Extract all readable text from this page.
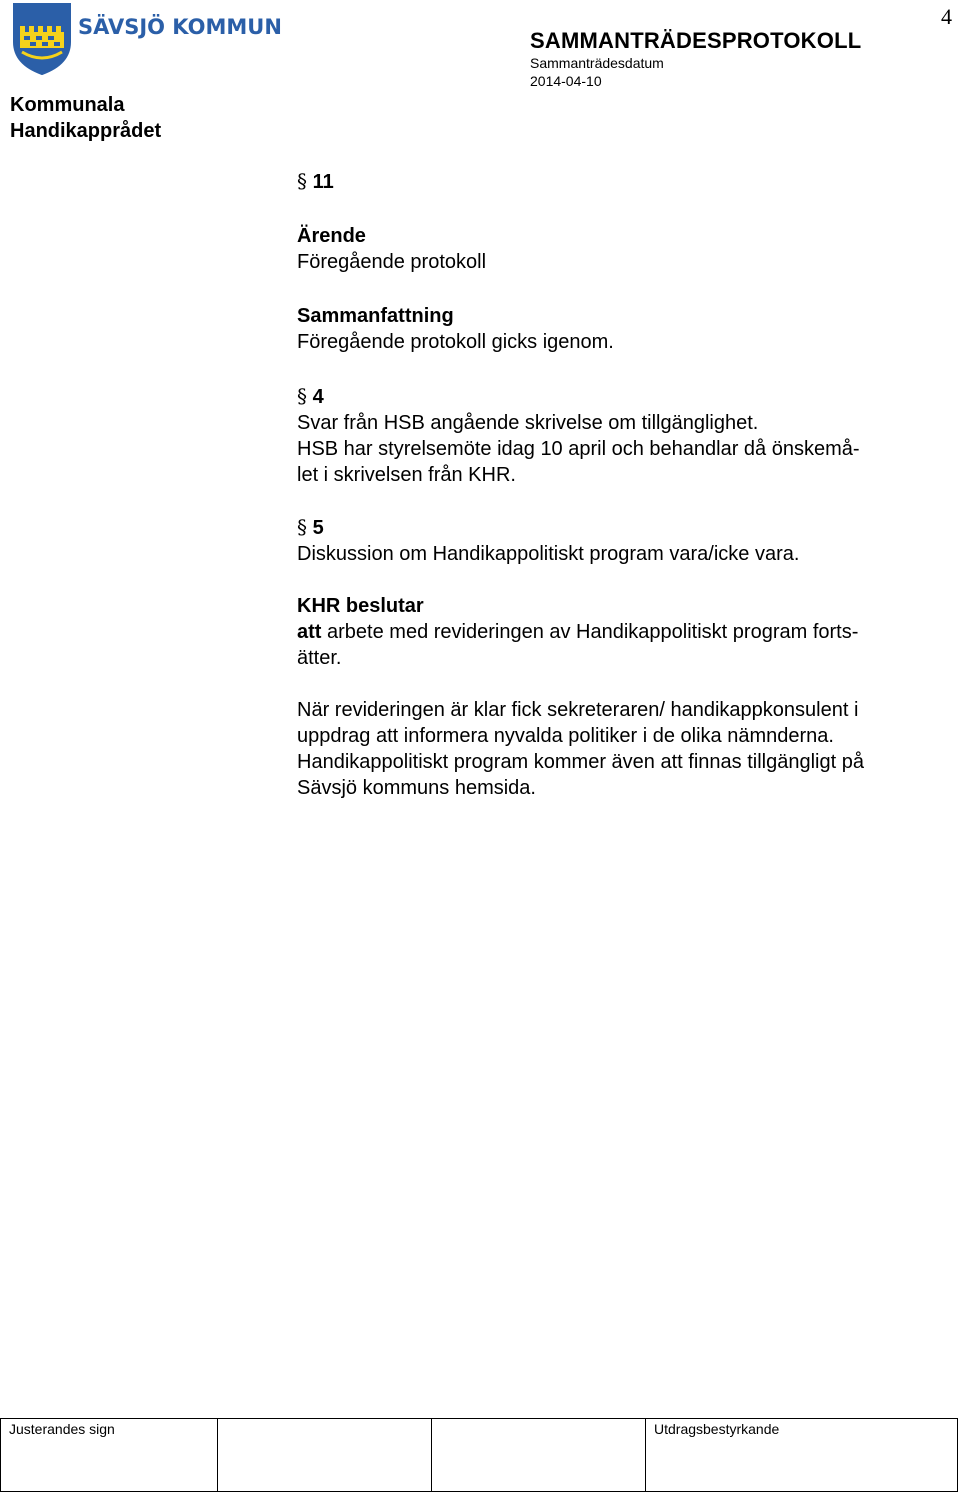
4
SÄVSJÖ KOMMUN
Kommunala
Handikapprådet
SAMMANTRÄDESPROTOKOLL
Sammanträdesdatum
2014-04-10

§ 11

Ärende

Föregående protokoll

Sammanfattning

Föregående protokoll gicks igenom.

§ 4

Svar från HSB angående skrivelse om tillgänglighet.

HSB har styrelsemöte idag 10 april och behandlar då önskemå-

let i skrivelsen från KHR.

§ 5

Diskussion om Handikappolitiskt program vara/icke vara.

KHR beslutar

att arbete med revideringen av Handikappolitiskt program forts-

ätter.

När revideringen är klar fick sekreteraren/ handikappkonsulent i

uppdrag att informera nyvalda politiker i de olika nämnderna.

Handikappolitiskt program kommer även att finnas tillgängligt på

Sävsjö kommuns hemsida.

Justerandes sign			Utdragsbestyrkande
